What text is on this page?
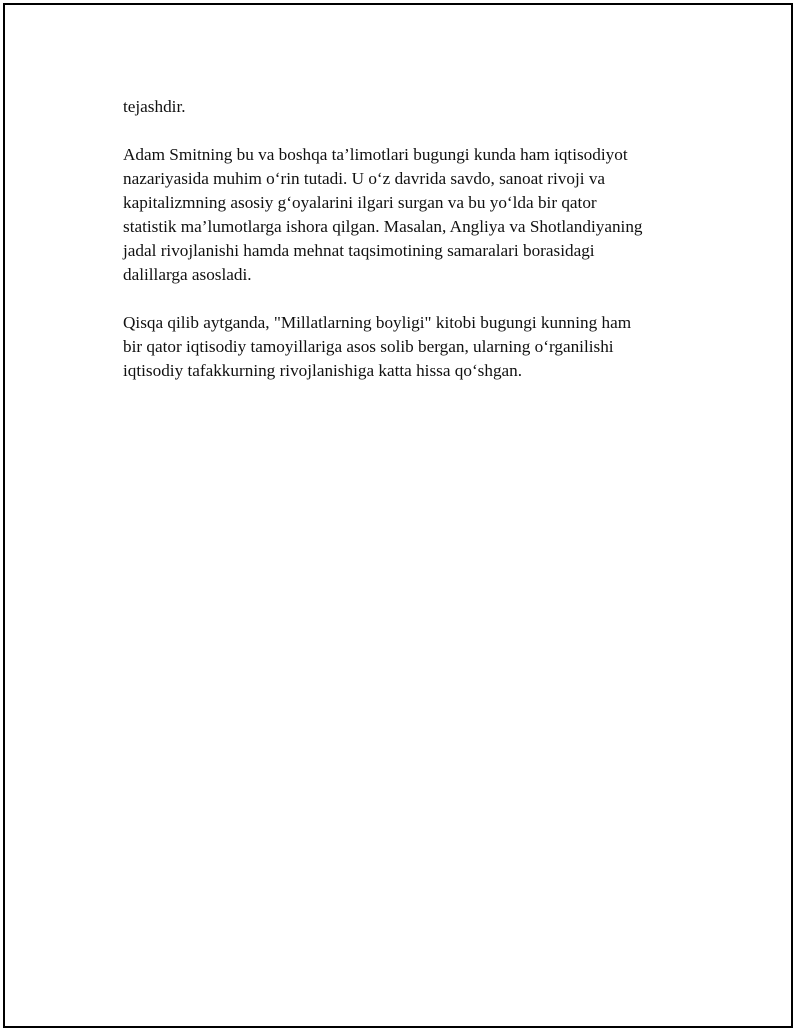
tejashdir.

Adam Smitning bu va boshqa ta’limotlari bugungi kunda ham iqtisodiyot
nazariyasida muhim o‘rin tutadi. U o‘z davrida savdo, sanoat rivoji va
kapitalizmning asosiy g‘oyalarini ilgari surgan va bu yo‘lda bir qator
statistik ma’lumotlarga ishora qilgan. Masalan, Angliya va Shotlandiyaning
jadal rivojlanishi hamda mehnat taqsimotining samaralari borasidagi
dalillarga asosladi.

Qisqa qilib aytganda, "Millatlarning boyligi" kitobi bugungi kunning ham
bir qator iqtisodiy tamoyillariga asos solib bergan, ularning o‘rganilishi
iqtisodiy tafakkurning rivojlanishiga katta hissa qo‘shgan.
